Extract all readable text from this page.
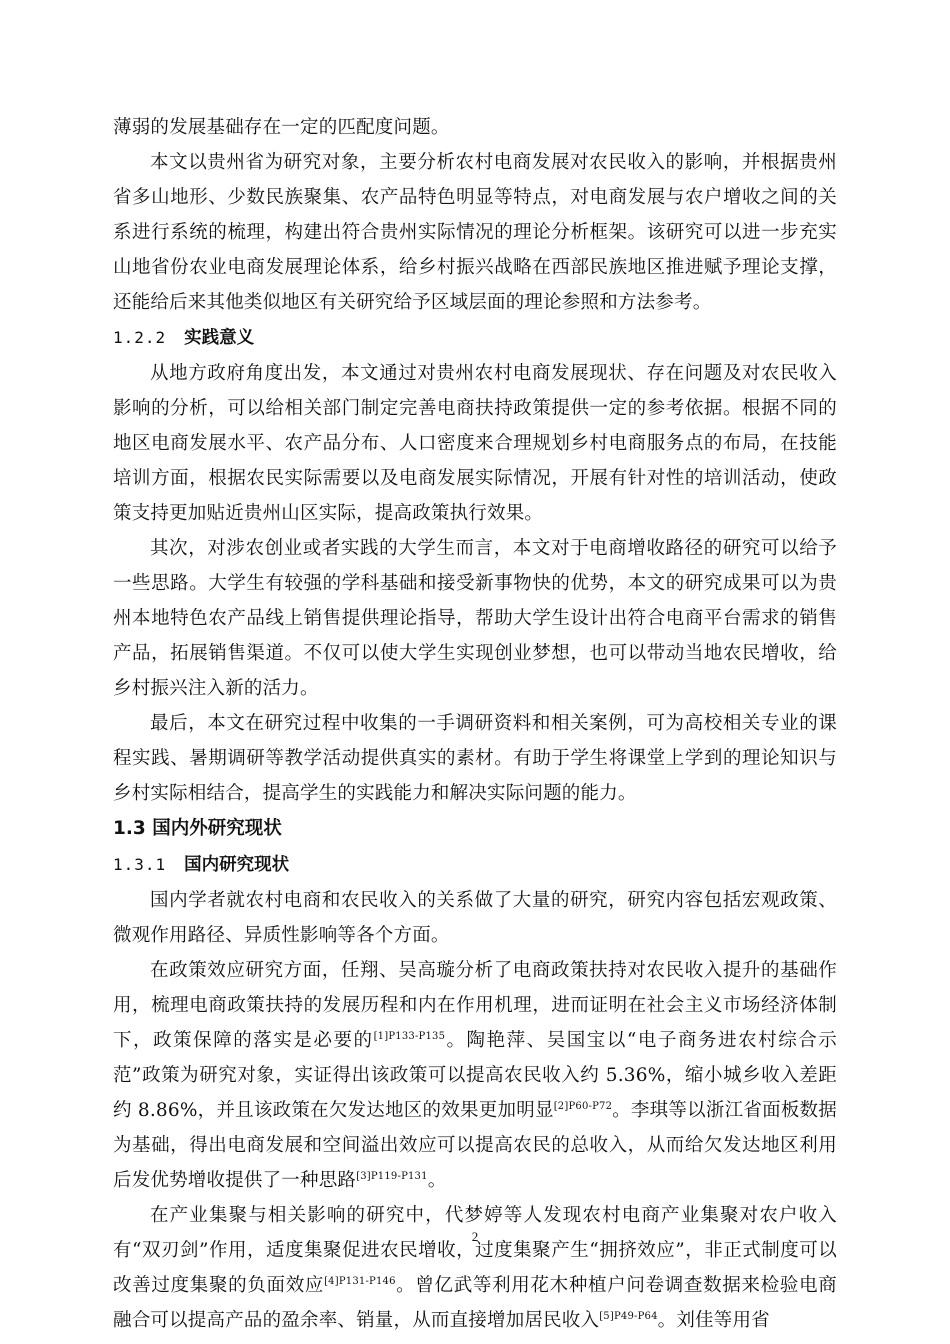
薄弱的发展基础存在一定的匹配度问题。

本文以贵州省为研究对象，主要分析农村电商发展对农民收入的影响，并根据贵州省多山地形、少数民族聚集、农产品特色明显等特点，对电商发展与农户增收之间的关系进行系统的梳理，构建出符合贵州实际情况的理论分析框架。该研究可以进一步充实山地省份农业电商发展理论体系，给乡村振兴战略在西部民族地区推进赋予理论支撑，还能给后来其他类似地区有关研究给予区域层面的理论参照和方法参考。

1.2.2 实践意义

从地方政府角度出发，本文通过对贵州农村电商发展现状、存在问题及对农民收入影响的分析，可以给相关部门制定完善电商扶持政策提供一定的参考依据。根据不同的地区电商发展水平、农产品分布、人口密度来合理规划乡村电商服务点的布局，在技能培训方面，根据农民实际需要以及电商发展实际情况，开展有针对性的培训活动，使政策支持更加贴近贵州山区实际，提高政策执行效果。

其次，对涉农创业或者实践的大学生而言，本文对于电商增收路径的研究可以给予一些思路。大学生有较强的学科基础和接受新事物快的优势，本文的研究成果可以为贵州本地特色农产品线上销售提供理论指导，帮助大学生设计出符合电商平台需求的销售产品，拓展销售渠道。不仅可以使大学生实现创业梦想，也可以带动当地农民增收，给乡村振兴注入新的活力。

最后，本文在研究过程中收集的一手调研资料和相关案例，可为高校相关专业的课程实践、暑期调研等教学活动提供真实的素材。有助于学生将课堂上学到的理论知识与乡村实际相结合，提高学生的实践能力和解决实际问题的能力。

1.3 国内外研究现状
1.3.1 国内研究现状

国内学者就农村电商和农民收入的关系做了大量的研究，研究内容包括宏观政策、微观作用路径、异质性影响等各个方面。

在政策效应研究方面，任翔、吴高璇分析了电商政策扶持对农民收入提升的基础作用，梳理电商政策扶持的发展历程和内在作用机理，进而证明在社会主义市场经济体制下，政策保障的落实是必要的$^{[1]P133-P135}$。陶艳萍、吴国宝以“电子商务进农村综合示范”政策为研究对象，实证得出该政策可以提高农民收入约 5.36%，缩小城乡收入差距约 8.86%，并且该政策在欠发达地区的效果更加明显$^{[2]P60-P72}$。李琪等以浙江省面板数据为基础，得出电商发展和空间溢出效应可以提高农民的总收入，从而给欠发达地区利用后发优势增收提供了一种思路$^{[3]P119-P131}$。

在产业集聚与相关影响的研究中，代梦婷等人发现农村电商产业集聚对农户收入有“双刃剑”作用，适度集聚促进农民增收，过度集聚产生“拥挤效应”，非正式制度可以改善过度集聚的负面效应$^{[4]P131-P146}$。曾亿武等利用花木种植户问卷调查数据来检验电商融合可以提高产品的盈余率、销量，从而直接增加居民收入$^{[5]P49-P64}$。刘佳等用省

2
